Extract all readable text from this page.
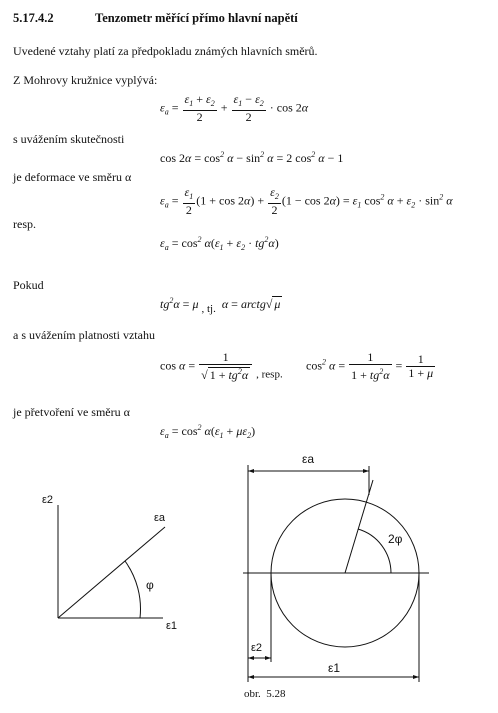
5.17.4.2	Tenzometr měřící přímo hlavní napětí
Uvedené vztahy platí za předpokladu známých hlavních směrů.
Z Mohrovy kružnice vyplývá:
s uvážením skutečnosti
je deformace ve směru α
resp.
Pokud
a s uvážením platnosti vztahu
je přetvoření ve směru α
$\varepsilon_a = \frac{\varepsilon_1 + \varepsilon_2}{2} + \frac{\varepsilon_1 - \varepsilon_2}{2} \cdot \cos 2\alpha$
$\cos 2\alpha = \cos^2 \alpha - \sin^2 \alpha = 2$ $\cos^2 \alpha - 1$
$\varepsilon_a = \frac{\varepsilon_1}{2} (1 + \cos 2\alpha) + \frac{\varepsilon_2}{2} (1 - \cos 2\alpha) = \varepsilon_1$ $\cos^2 \alpha + \varepsilon_2 \cdot \sin^2 \alpha$
$\varepsilon_a = \cos^2 \alpha(\varepsilon_1 + \varepsilon_2 \cdot tg^2\alpha)$
$tg^2\alpha = \mu$ , tj.  α = arctg√ μ
$\cos \alpha = \frac{1}{√ 1 + tg^2\alpha}$ , resp.
$\cos^2 \alpha = \frac{1}{1 + tg^2\alpha} = \frac{1}{1 + \mu}$
$\varepsilon_a = \cos^2 \alpha(\varepsilon_1 + \mu\varepsilon_2)$
ε2
ε1
εa
φ
εa
2φ
ε2
ε1
obr.  5.28
